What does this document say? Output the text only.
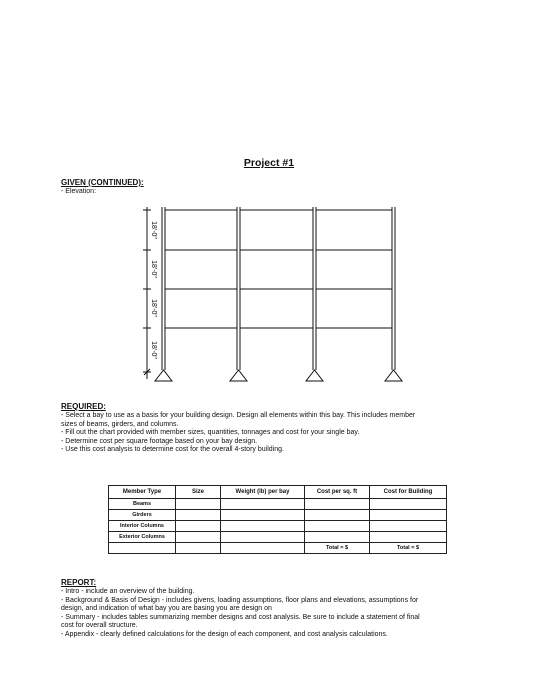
Project #1
GIVEN (CONTINUED):
- Elevation:
18'-0"
18'-0"
18'-0"
18'-0"
REQUIRED:
- Select a bay to use as a basis for your building design. Design all elements within this bay. This includes member
sizes of beams, girders, and columns.
- Fill out the chart provided with member sizes, quantities, tonnages and cost for your single bay.
- Determine cost per square footage based on your bay design.
- Use this cost analysis to determine cost for the overall 4-story building.
Member Type	Size	Weight (lb) per bay	Cost per sq. ft	Cost for Building
Beams				
Girders				
Interior Columns				
Exterior Columns				
			Total = $	Total = $
REPORT:
- Intro - include an overview of the building.
- Background & Basis of Design - includes givens, loading assumptions, floor plans and elevations, assumptions for
design, and indication of what bay you are basing you are design on
- Summary - includes tables summarizing member designs and cost analysis. Be sure to include a statement of final
cost for overall structure.
- Appendix - clearly defined calculations for the design of each component, and cost analysis calculations.
